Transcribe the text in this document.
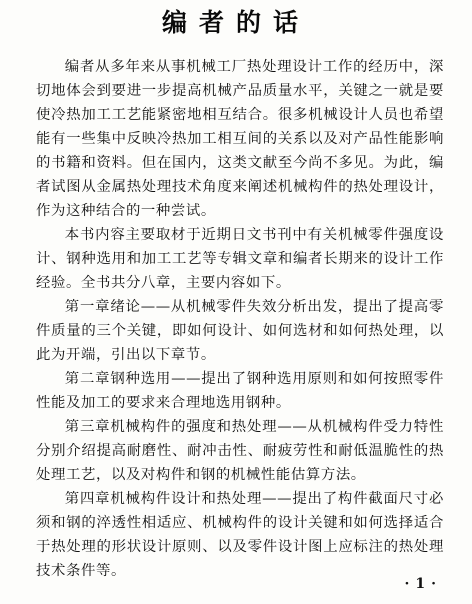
编者的话

编者从多年来从事机械工厂热处理设计工作的经历中，深切地体会到要进一步提高机械产品质量水平，关键之一就是要使冷热加工工艺能紧密地相互结合。很多机械设计人员也希望能有一些集中反映冷热加工相互间的关系以及对产品性能影响的书籍和资料。但在国内，这类文献至今尚不多见。为此，编者试图从金属热处理技术角度来阐述机械构件的热处理设计，作为这种结合的一种尝试。

本书内容主要取材于近期日文书刊中有关机械零件强度设计、钢种选用和加工工艺等专辑文章和编者长期来的设计工作经验。全书共分八章，主要内容如下。

第一章绪论——从机械零件失效分析出发，提出了提高零件质量的三个关键，即如何设计、如何选材和如何热处理，以此为开端，引出以下章节。

第二章钢种选用——提出了钢种选用原则和如何按照零件性能及加工的要求来合理地选用钢种。

第三章机械构件的强度和热处理——从机械构件受力特性分别介绍提高耐磨性、耐冲击性、耐疲劳性和耐低温脆性的热处理工艺，以及对构件和钢的机械性能估算方法。

第四章机械构件设计和热处理——提出了构件截面尺寸必须和钢的淬透性相适应、机械构件的设计关键和如何选择适合于热处理的形状设计原则、以及零件设计图上应标注的热处理技术条件等。

·1·
